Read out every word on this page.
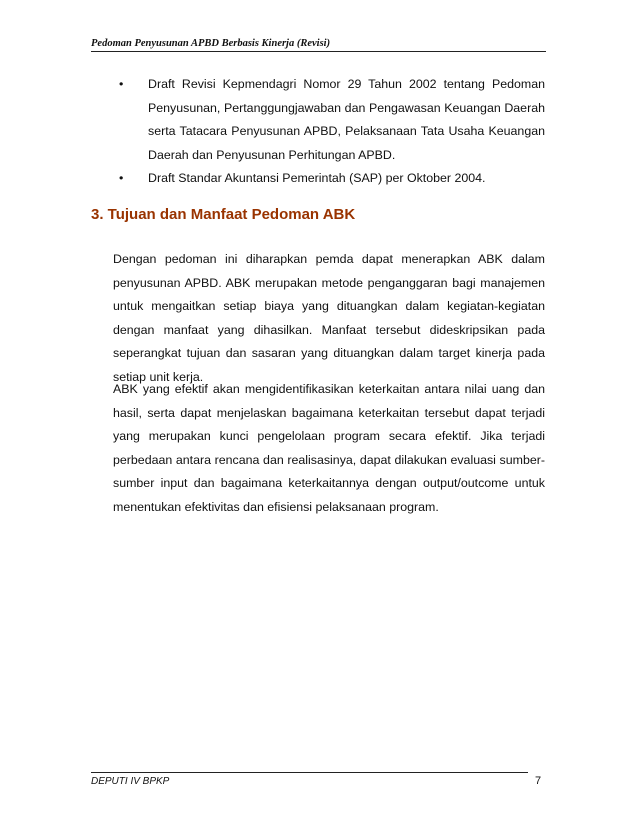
Pedoman Penyusunan APBD Berbasis Kinerja (Revisi)
• Draft Revisi Kepmendagri Nomor 29 Tahun 2002 tentang Pedoman Penyusunan, Pertanggungjawaban dan Pengawasan Keuangan Daerah serta Tatacara Penyusunan APBD, Pelaksanaan Tata Usaha Keuangan Daerah dan Penyusunan Perhitungan APBD.
• Draft Standar Akuntansi Pemerintah (SAP) per Oktober 2004.
3. Tujuan dan Manfaat Pedoman ABK

Dengan pedoman ini diharapkan pemda dapat menerapkan ABK dalam penyusunan APBD. ABK merupakan metode penganggaran bagi manajemen untuk mengaitkan setiap biaya yang dituangkan dalam kegiatan-kegiatan dengan manfaat yang dihasilkan. Manfaat tersebut dideskripsikan pada seperangkat tujuan dan sasaran yang dituangkan dalam target kinerja pada setiap unit kerja.

ABK yang efektif akan mengidentifikasikan keterkaitan antara nilai uang dan hasil, serta dapat menjelaskan bagaimana keterkaitan tersebut dapat terjadi yang merupakan kunci pengelolaan program secara efektif. Jika terjadi perbedaan antara rencana dan realisasinya, dapat dilakukan evaluasi sumber-sumber input dan bagaimana keterkaitannya dengan output/outcome untuk menentukan efektivitas dan efisiensi pelaksanaan program.

DEPUTI IV BPKP	7
